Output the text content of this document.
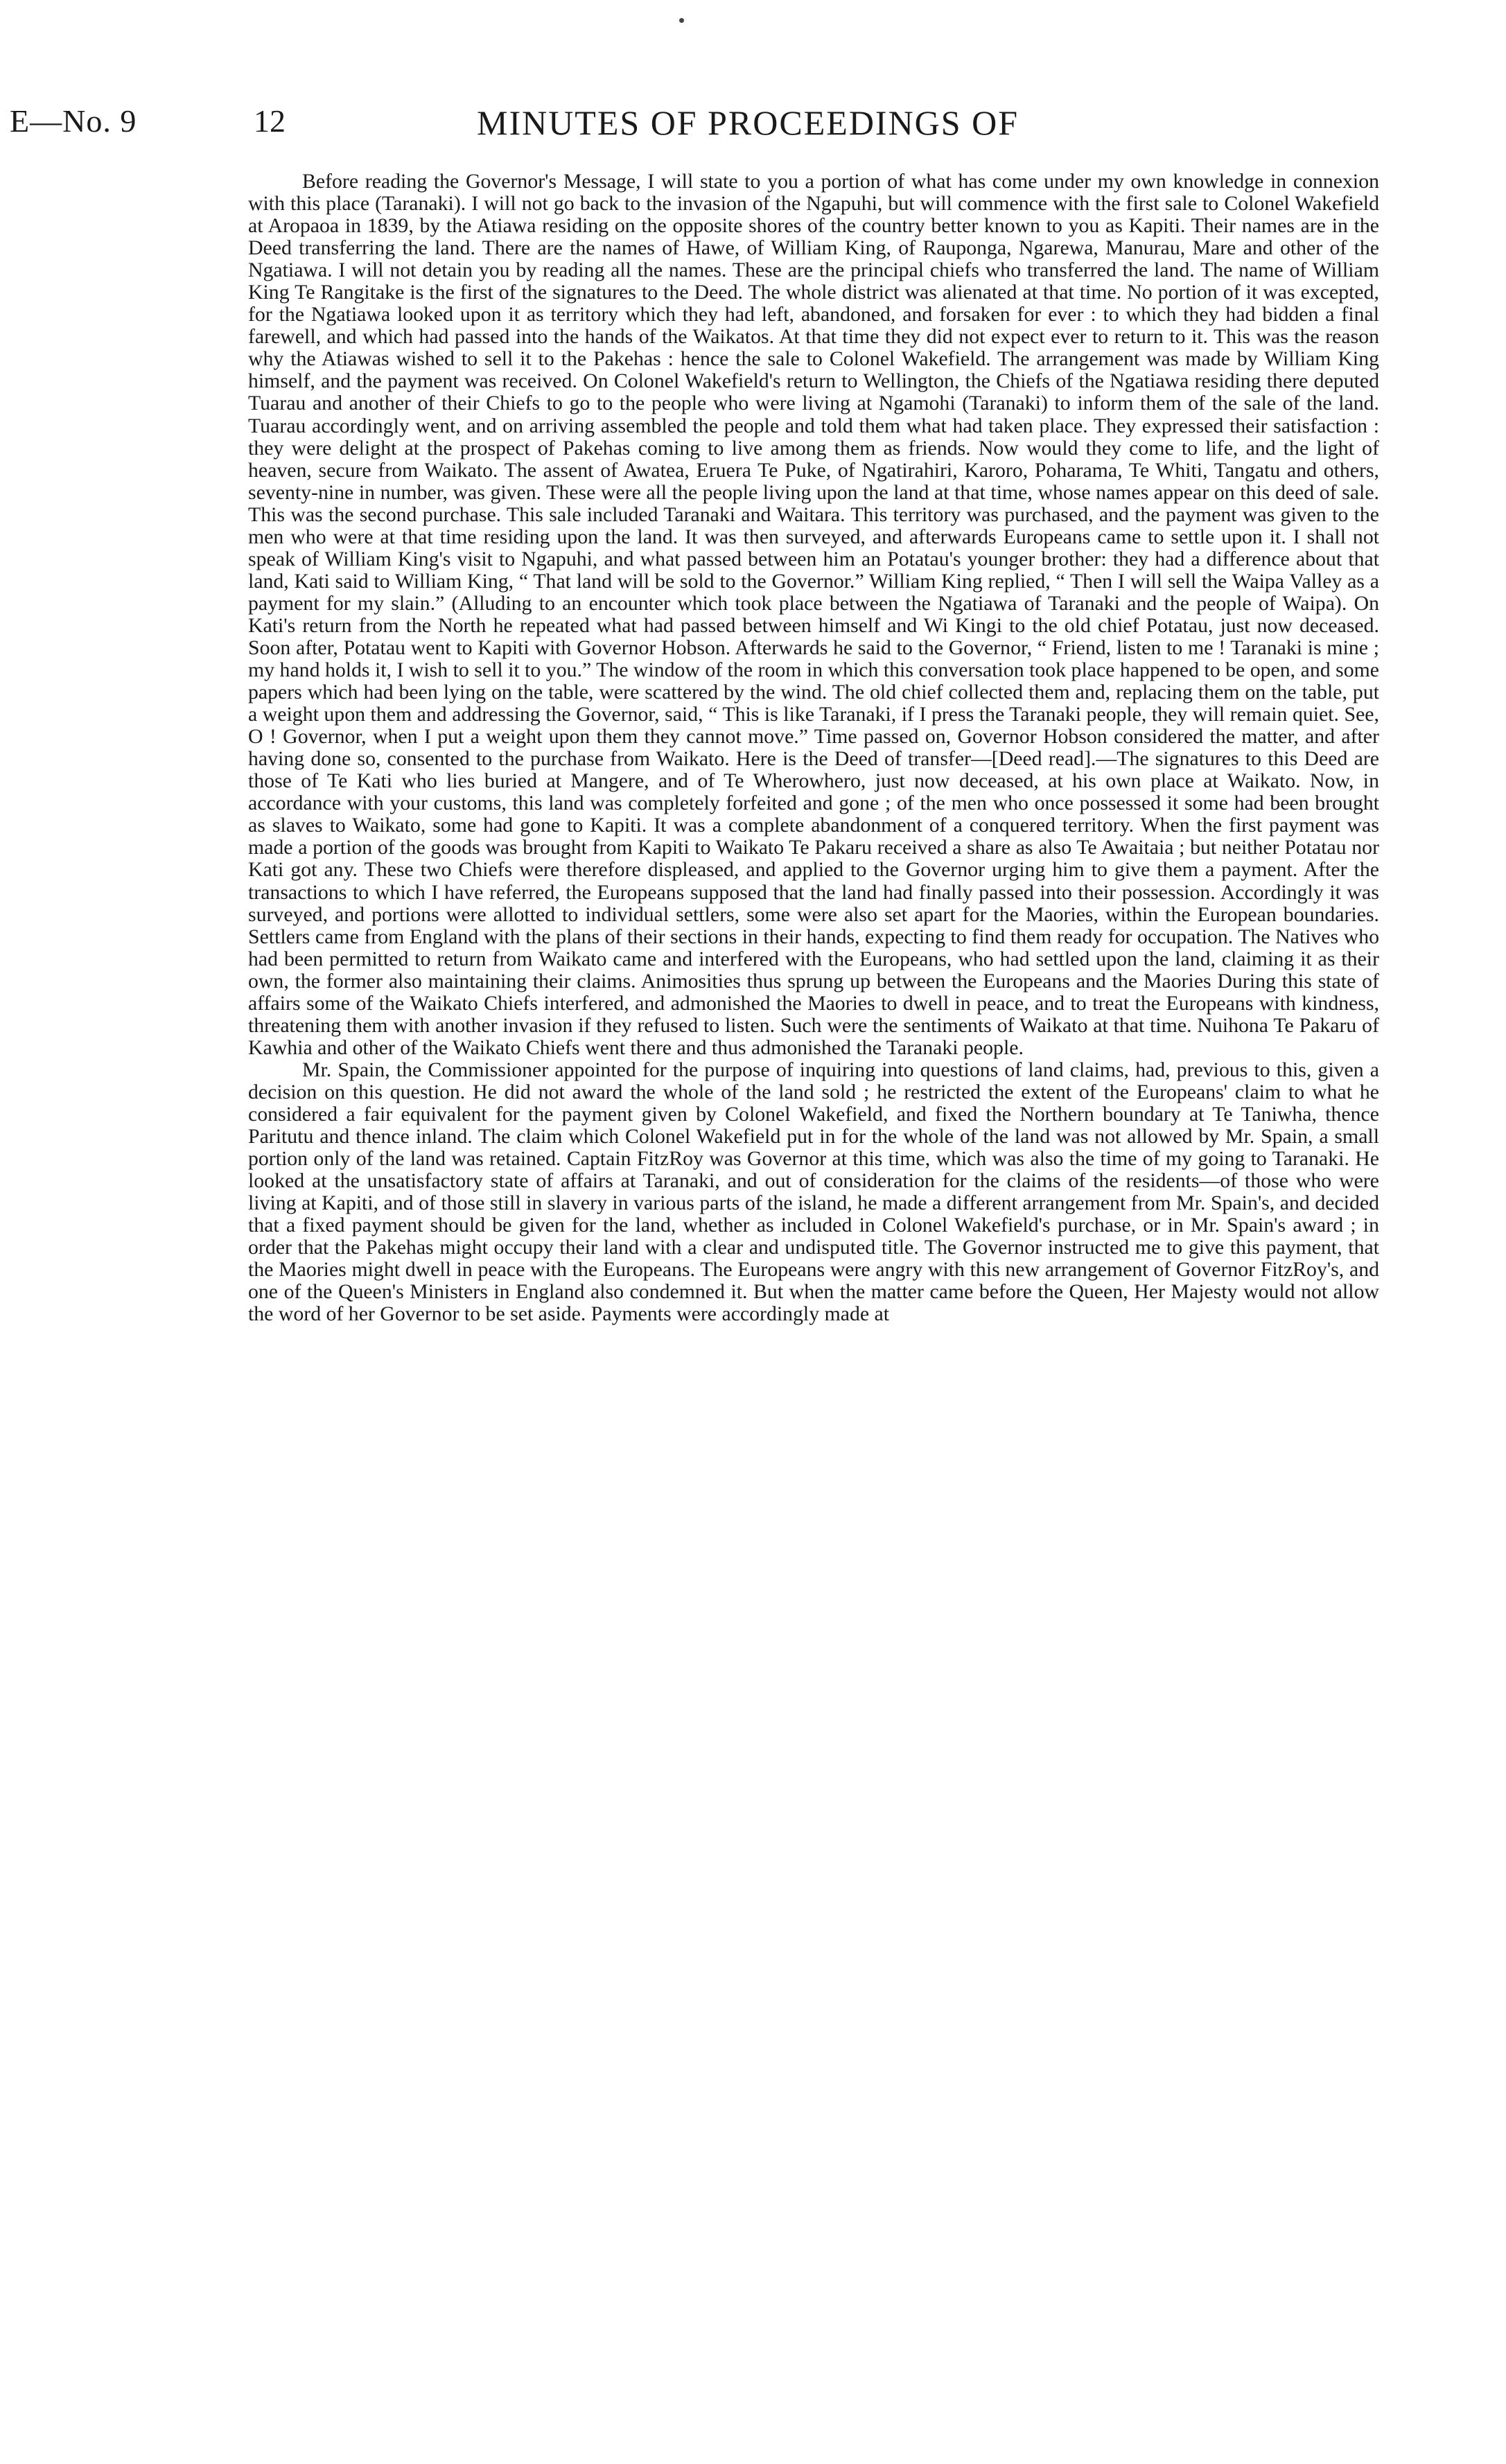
E—No. 9	12	MINUTES OF PROCEEDINGS OF

Before reading the Governor's Message, I will state to you a portion of what has come under my own knowledge in connexion with this place (Taranaki). I will not go back to the invasion of the Ngapuhi, but will commence with the first sale to Colonel Wakefield at Aropaoa in 1839, by the Atiawa residing on the opposite shores of the country better known to you as Kapiti. Their names are in the Deed transferring the land. There are the names of Hawe, of William King, of Rauponga, Ngarewa, Manurau, Mare and other of the Ngatiawa. I will not detain you by reading all the names. These are the principal chiefs who transferred the land. The name of William King Te Rangitake is the first of the signatures to the Deed. The whole district was alienated at that time. No portion of it was excepted, for the Ngatiawa looked upon it as territory which they had left, abandoned, and forsaken for ever : to which they had bidden a final farewell, and which had passed into the hands of the Waikatos. At that time they did not expect ever to return to it. This was the reason why the Atiawas wished to sell it to the Pakehas : hence the sale to Colonel Wakefield. The arrangement was made by William King himself, and the payment was received. On Colonel Wakefield's return to Wellington, the Chiefs of the Ngatiawa residing there deputed Tuarau and another of their Chiefs to go to the people who were living at Ngamohi (Taranaki) to inform them of the sale of the land. Tuarau accordingly went, and on arriving assembled the people and told them what had taken place. They expressed their satisfaction : they were delight at the prospect of Pakehas coming to live among them as friends. Now would they come to life, and the light of heaven, secure from Waikato. The assent of Awatea, Eruera Te Puke, of Ngatirahiri, Karoro, Poharama, Te Whiti, Tangatu and others, seventy-nine in number, was given. These were all the people living upon the land at that time, whose names appear on this deed of sale. This was the second purchase. This sale included Taranaki and Waitara. This territory was purchased, and the payment was given to the men who were at that time residing upon the land. It was then surveyed, and afterwards Europeans came to settle upon it. I shall not speak of William King's visit to Ngapuhi, and what passed between him an Potatau's younger brother: they had a difference about that land, Kati said to William King, “ That land will be sold to the Governor.” William King replied, “ Then I will sell the Waipa Valley as a payment for my slain.” (Alluding to an encounter which took place between the Ngatiawa of Taranaki and the people of Waipa). On Kati's return from the North he repeated what had passed between himself and Wi Kingi to the old chief Potatau, just now deceased. Soon after, Potatau went to Kapiti with Governor Hobson. Afterwards he said to the Governor, “ Friend, listen to me ! Taranaki is mine ; my hand holds it, I wish to sell it to you.” The window of the room in which this conversation took place happened to be open, and some papers which had been lying on the table, were scattered by the wind. The old chief collected them and, replacing them on the table, put a weight upon them and addressing the Governor, said, “ This is like Taranaki, if I press the Taranaki people, they will remain quiet. See, O ! Governor, when I put a weight upon them they cannot move.” Time passed on, Governor Hobson considered the matter, and after having done so, consented to the purchase from Waikato. Here is the Deed of transfer—[Deed read].—The signatures to this Deed are those of Te Kati who lies buried at Mangere, and of Te Wherowhero, just now deceased, at his own place at Waikato. Now, in accordance with your customs, this land was completely forfeited and gone ; of the men who once possessed it some had been brought as slaves to Waikato, some had gone to Kapiti. It was a complete abandonment of a conquered territory. When the first payment was made a portion of the goods was brought from Kapiti to Waikato Te Pakaru received a share as also Te Awaitaia ; but neither Potatau nor Kati got any. These two Chiefs were therefore displeased, and applied to the Governor urging him to give them a payment. After the transactions to which I have referred, the Europeans supposed that the land had finally passed into their possession. Accordingly it was surveyed, and portions were allotted to individual settlers, some were also set apart for the Maories, within the European boundaries. Settlers came from England with the plans of their sections in their hands, expecting to find them ready for occupation. The Natives who had been permitted to return from Waikato came and interfered with the Europeans, who had settled upon the land, claiming it as their own, the former also maintaining their claims. Animosities thus sprung up between the Europeans and the Maories During this state of affairs some of the Waikato Chiefs interfered, and admonished the Maories to dwell in peace, and to treat the Europeans with kindness, threatening them with another invasion if they refused to listen. Such were the sentiments of Waikato at that time. Nuihona Te Pakaru of Kawhia and other of the Waikato Chiefs went there and thus admonished the Taranaki people.

Mr. Spain, the Commissioner appointed for the purpose of inquiring into questions of land claims, had, previous to this, given a decision on this question. He did not award the whole of the land sold ; he restricted the extent of the Europeans' claim to what he considered a fair equivalent for the payment given by Colonel Wakefield, and fixed the Northern boundary at Te Taniwha, thence Paritutu and thence inland. The claim which Colonel Wakefield put in for the whole of the land was not allowed by Mr. Spain, a small portion only of the land was retained. Captain FitzRoy was Governor at this time, which was also the time of my going to Taranaki. He looked at the unsatisfactory state of affairs at Taranaki, and out of consideration for the claims of the residents—of those who were living at Kapiti, and of those still in slavery in various parts of the island, he made a different arrangement from Mr. Spain's, and decided that a fixed payment should be given for the land, whether as included in Colonel Wakefield's purchase, or in Mr. Spain's award ; in order that the Pakehas might occupy their land with a clear and undisputed title. The Governor instructed me to give this payment, that the Maories might dwell in peace with the Europeans. The Europeans were angry with this new arrangement of Governor FitzRoy's, and one of the Queen's Ministers in England also condemned it. But when the matter came before the Queen, Her Majesty would not allow the word of her Governor to be set aside. Payments were accordingly made at
